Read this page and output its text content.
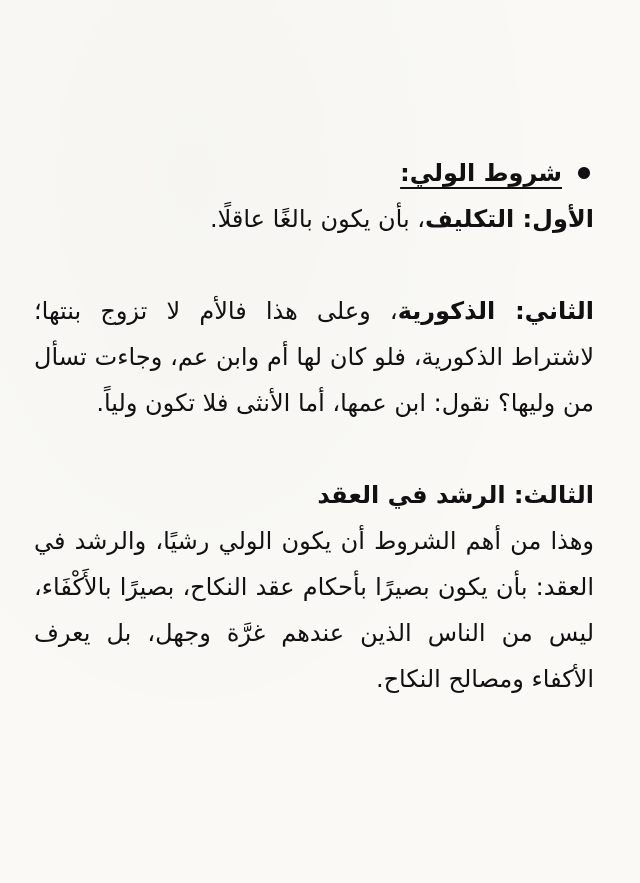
شروط الولي:

الأول: التكليف، بأن يكون بالغًا عاقلًا.

الثاني: الذكورية، وعلى هذا فالأم لا تزوج بنتها؛ لاشتراط الذكورية، فلو كان لها أم وابن عم، وجاءت تسأل من وليها؟ نقول: ابن عمها، أما الأنثى فلا تكون ولياً.

الثالث: الرشد في العقد

وهذا من أهم الشروط أن يكون الولي رشيًا، والرشد في العقد: بأن يكون بصيرًا بأحكام عقد النكاح، بصيرًا بالأَكْفَاء، ليس من الناس الذين عندهم غرَّة وجهل، بل يعرف الأكفاء ومصالح النكاح.
